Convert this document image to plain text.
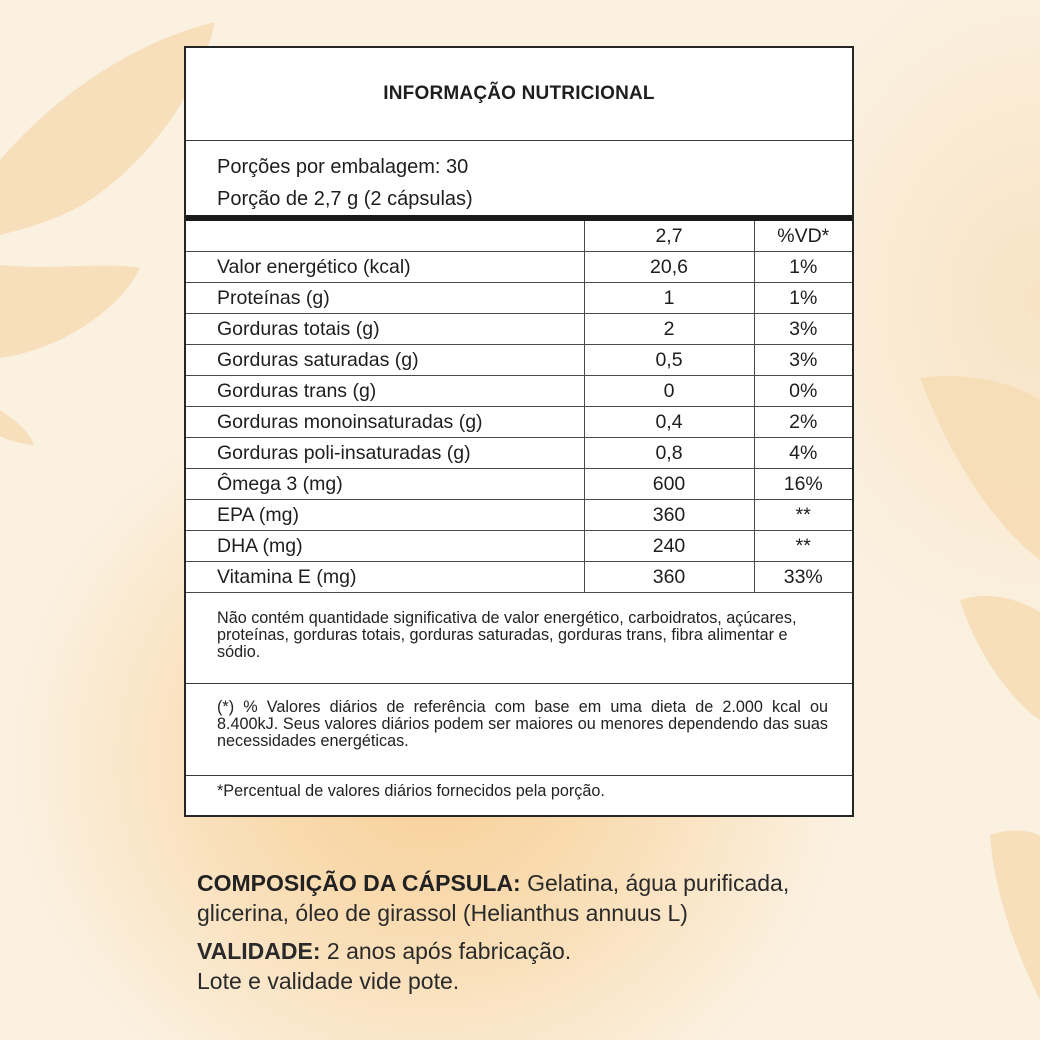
INFORMAÇÃO NUTRICIONAL
Porções por embalagem: 30
Porção de 2,7 g (2 cápsulas)
	2,7	%VD*
Valor energético (kcal)	20,6	1%
Proteínas (g)	1	1%
Gorduras totais (g)	2	3%
Gorduras saturadas (g)	0,5	3%
Gorduras trans (g)	0	0%
Gorduras monoinsaturadas (g)	0,4	2%
Gorduras poli-insaturadas (g)	0,8	4%
Ômega 3 (mg)	600	16%
EPA (mg)	360	**
DHA (mg)	240	**
Vitamina E (mg)	360	33%
Não contém quantidade significativa de valor energético, carboidratos, açúcares, proteínas, gorduras totais, gorduras saturadas, gorduras trans, fibra alimentar e sódio.
(*) % Valores diários de referência com base em uma dieta de 2.000 kcal ou 8.400kJ. Seus valores diários podem ser maiores ou menores dependendo das suas necessidades energéticas.
*Percentual de valores diários fornecidos pela porção.
COMPOSIÇÃO DA CÁPSULA: Gelatina, água purificada,
glicerina, óleo de girassol (Helianthus annuus L)
VALIDADE: 2 anos após fabricação.
Lote e validade vide pote.
